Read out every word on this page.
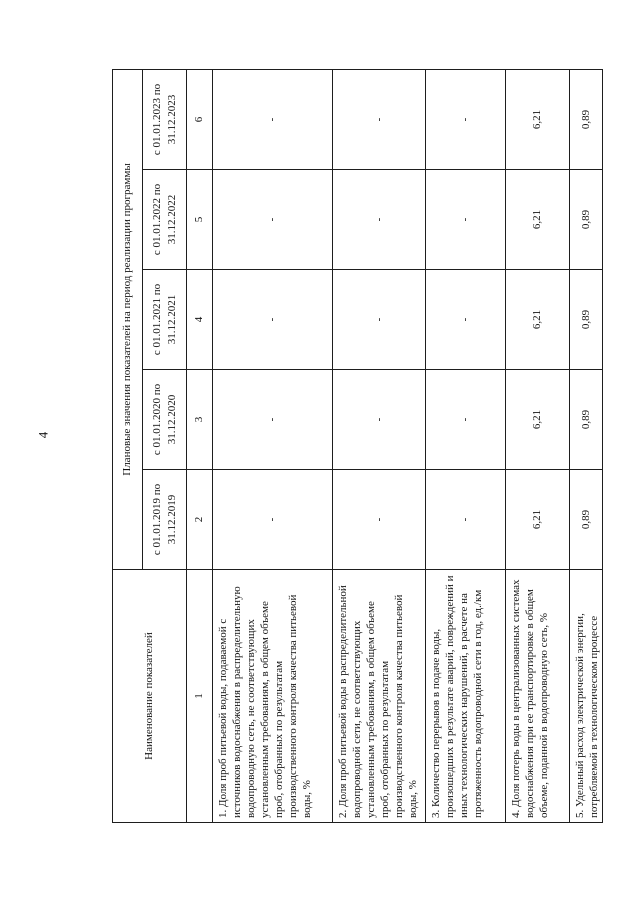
4
Наименование показателей	Плановые значения показателей на период реализации программы				
	с 01.01.2019 по 31.12.2019	с 01.01.2020 по 31.12.2020	с 01.01.2021 по 31.12.2021	с 01.01.2022 по 31.12.2022	с 01.01.2023 по 31.12.2023
1	2	3	4	5	6
1. Доля проб питьевой воды, подаваемой с источников водоснабжения в распределительную водопроводную сеть, не соответствующих установленным требованиям, в общем объеме проб, отобранных по результатам производственного контроля качества питьевой воды, %	-	-	-	-	-
2. Доля проб питьевой воды в распределительной водопроводной сети, не соответствующих установленным требованиям, в общем объеме проб, отобранных по результатам производственного контроля качества питьевой воды, %	-	-	-	-	-
3. Количество перерывов в подаче воды, произошедших в результате аварий, повреждений и иных технологических нарушений, в расчете на протяженность водопроводной сети в год, ед./км	-	-	-	-	-
4. Доля потерь воды в централизованных системах водоснабжения при ее транспортировке в общем объеме, поданной в водопроводную сеть, %	6,21	6,21	6,21	6,21	6,21
5. Удельный расход электрической энергии, потребляемой в технологическом процессе	0,89	0,89	0,89	0,89	0,89
